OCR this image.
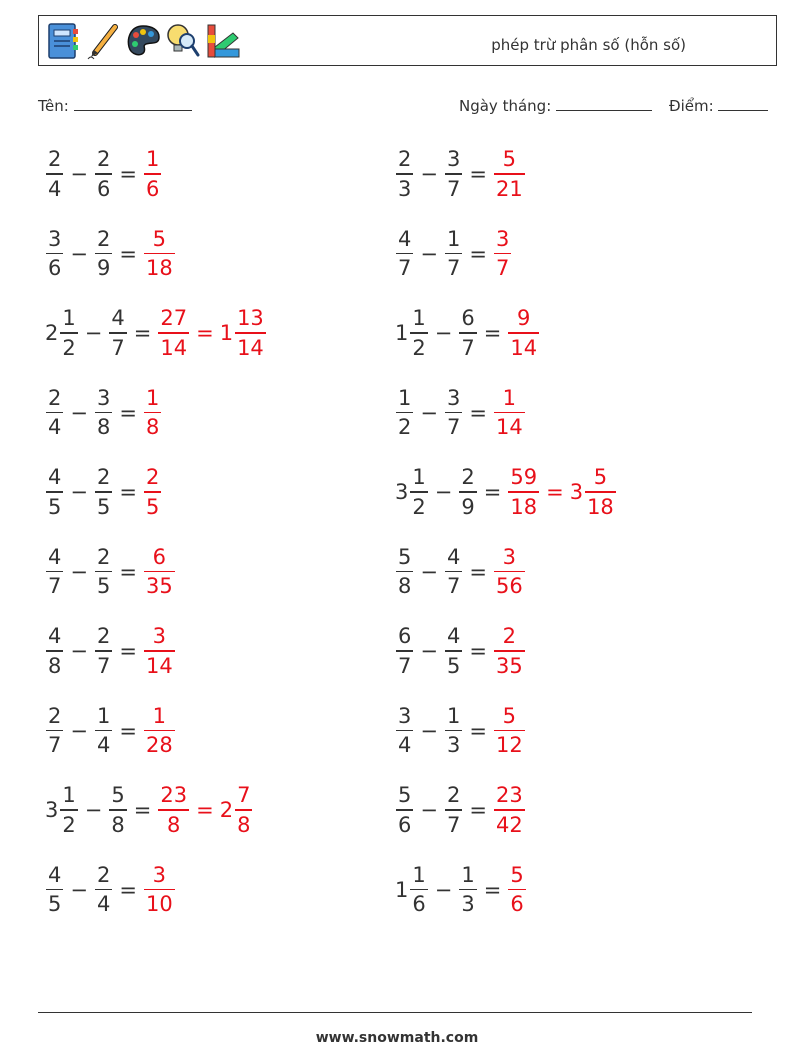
phép trừ phân số (hỗn số)
Tên:	Ngày tháng:	Điểm:
$\frac{2}{4} - \frac{2}{6} = \frac{1}{6}$	$\frac{2}{3} - \frac{3}{7} = \frac{5}{21}$
$\frac{3}{6} - \frac{2}{9} = \frac{5}{18}$	$\frac{4}{7} - \frac{1}{7} = \frac{3}{7}$
$2 \frac{1}{2} - \frac{4}{7} = \frac{27}{14} = 1 \frac{13}{14}$	$1 \frac{1}{2} - \frac{6}{7} = \frac{9}{14}$
$\frac{2}{4} - \frac{3}{8} = \frac{1}{8}$	$\frac{1}{2} - \frac{3}{7} = \frac{1}{14}$
$\frac{4}{5} - \frac{2}{5} = \frac{2}{5}$	$3 \frac{1}{2} - \frac{2}{9} = \frac{59}{18} = 3 \frac{5}{18}$
$\frac{4}{7} - \frac{2}{5} = \frac{6}{35}$	$\frac{5}{8} - \frac{4}{7} = \frac{3}{56}$
$\frac{4}{8} - \frac{2}{7} = \frac{3}{14}$	$\frac{6}{7} - \frac{4}{5} = \frac{2}{35}$
$\frac{2}{7} - \frac{1}{4} = \frac{1}{28}$	$\frac{3}{4} - \frac{1}{3} = \frac{5}{12}$
$3 \frac{1}{2} - \frac{5}{8} = \frac{23}{8} = 2 \frac{7}{8}$	$\frac{5}{6} - \frac{2}{7} = \frac{23}{42}$
$\frac{4}{5} - \frac{2}{4} = \frac{3}{10}$	$1 \frac{1}{6} - \frac{1}{3} = \frac{5}{6}$
www.snowmath.com
